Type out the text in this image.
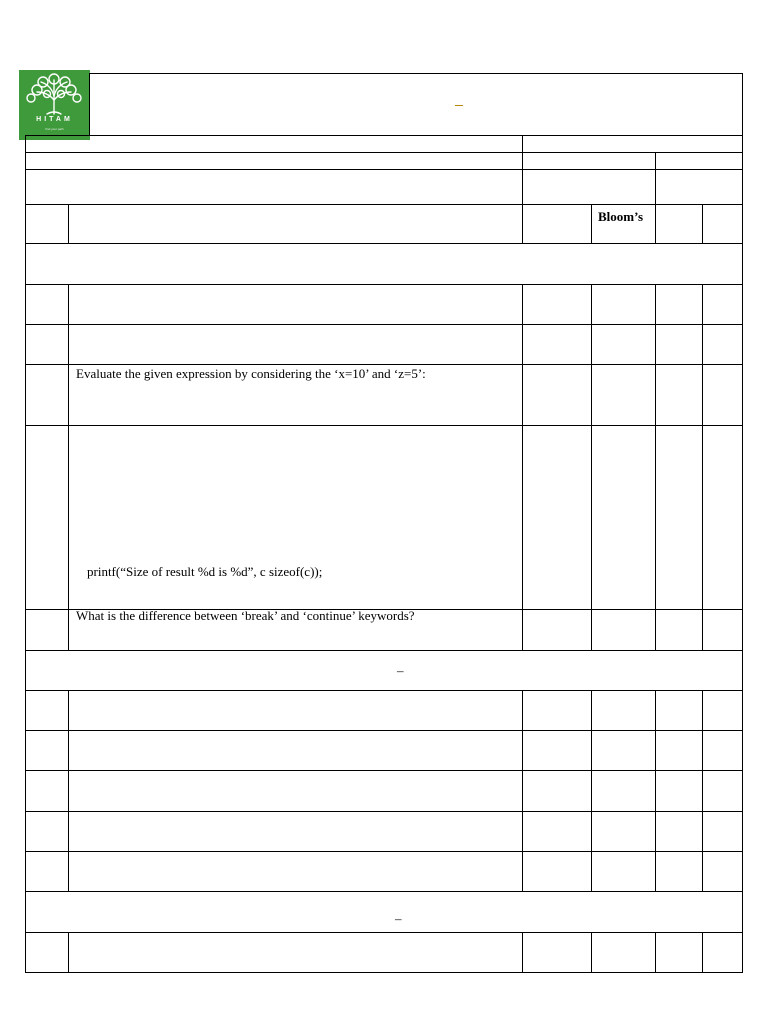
HITAM
find your path
Bloom’s
Evaluate the given expression by considering the ‘x=10’ and ‘z=5’:
printf(“Size of result %d is %d”, c sizeof(c));
What is the difference between ‘break’ and ‘continue’ keywords?
–
–
